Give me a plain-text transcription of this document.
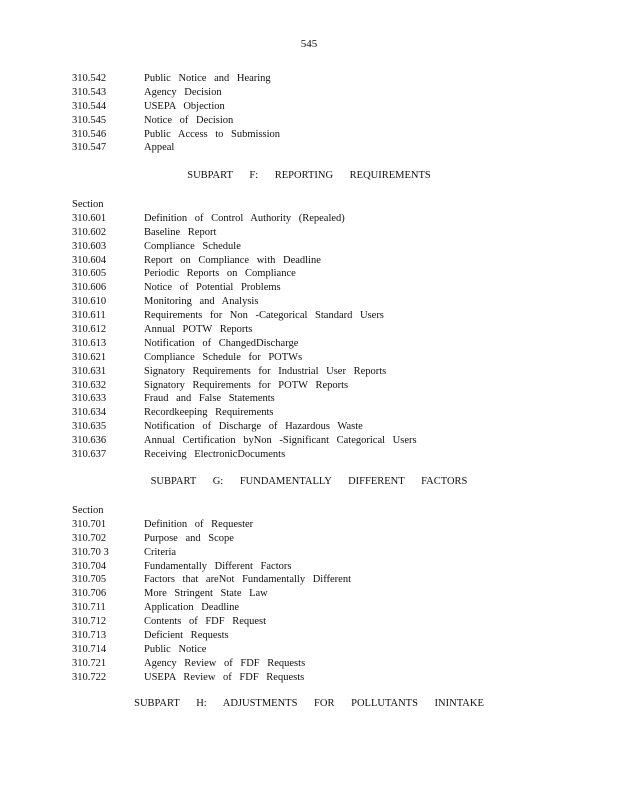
545
310.542	Public Notice and Hearing
310.543	Agency Decision
310.544	USEPA Objection
310.545	Notice of Decision
310.546	Public Access to Submission
310.547	Appeal
SUBPART F: REPORTING REQUIREMENTS
Section
310.601	Definition of Control Authority (Repealed)
310.602	Baseline Report
310.603	Compliance Schedule
310.604	Report on Compliance with Deadline
310.605	Periodic Reports on Compliance
310.606	Notice of Potential Problems
310.610	Monitoring and Analysis
310.611	Requirements for Non -Categorical Standard Users
310.612	Annual POTW Reports
310.613	Notification of ChangedDischarge
310.621	Compliance Schedule for POTWs
310.631	Signatory Requirements for Industrial User Reports
310.632	Signatory Requirements for POTW Reports
310.633	Fraud and False Statements
310.634	Recordkeeping Requirements
310.635	Notification of Discharge of Hazardous Waste
310.636	Annual Certification byNon -Significant Categorical Users
310.637	Receiving ElectronicDocuments
SUBPART G: FUNDAMENTALLY DIFFERENT FACTORS
Section
310.701	Definition of Requester
310.702	Purpose and Scope
310.70 3	Criteria
310.704	Fundamentally Different Factors
310.705	Factors that areNot Fundamentally Different
310.706	More Stringent State Law
310.711	Application Deadline
310.712	Contents of FDF Request
310.713	Deficient Requests
310.714	Public Notice
310.721	Agency Review of FDF Requests
310.722	USEPA Review of FDF Requests
SUBPART H: ADJUSTMENTS FOR POLLUTANTS ININTAKE
